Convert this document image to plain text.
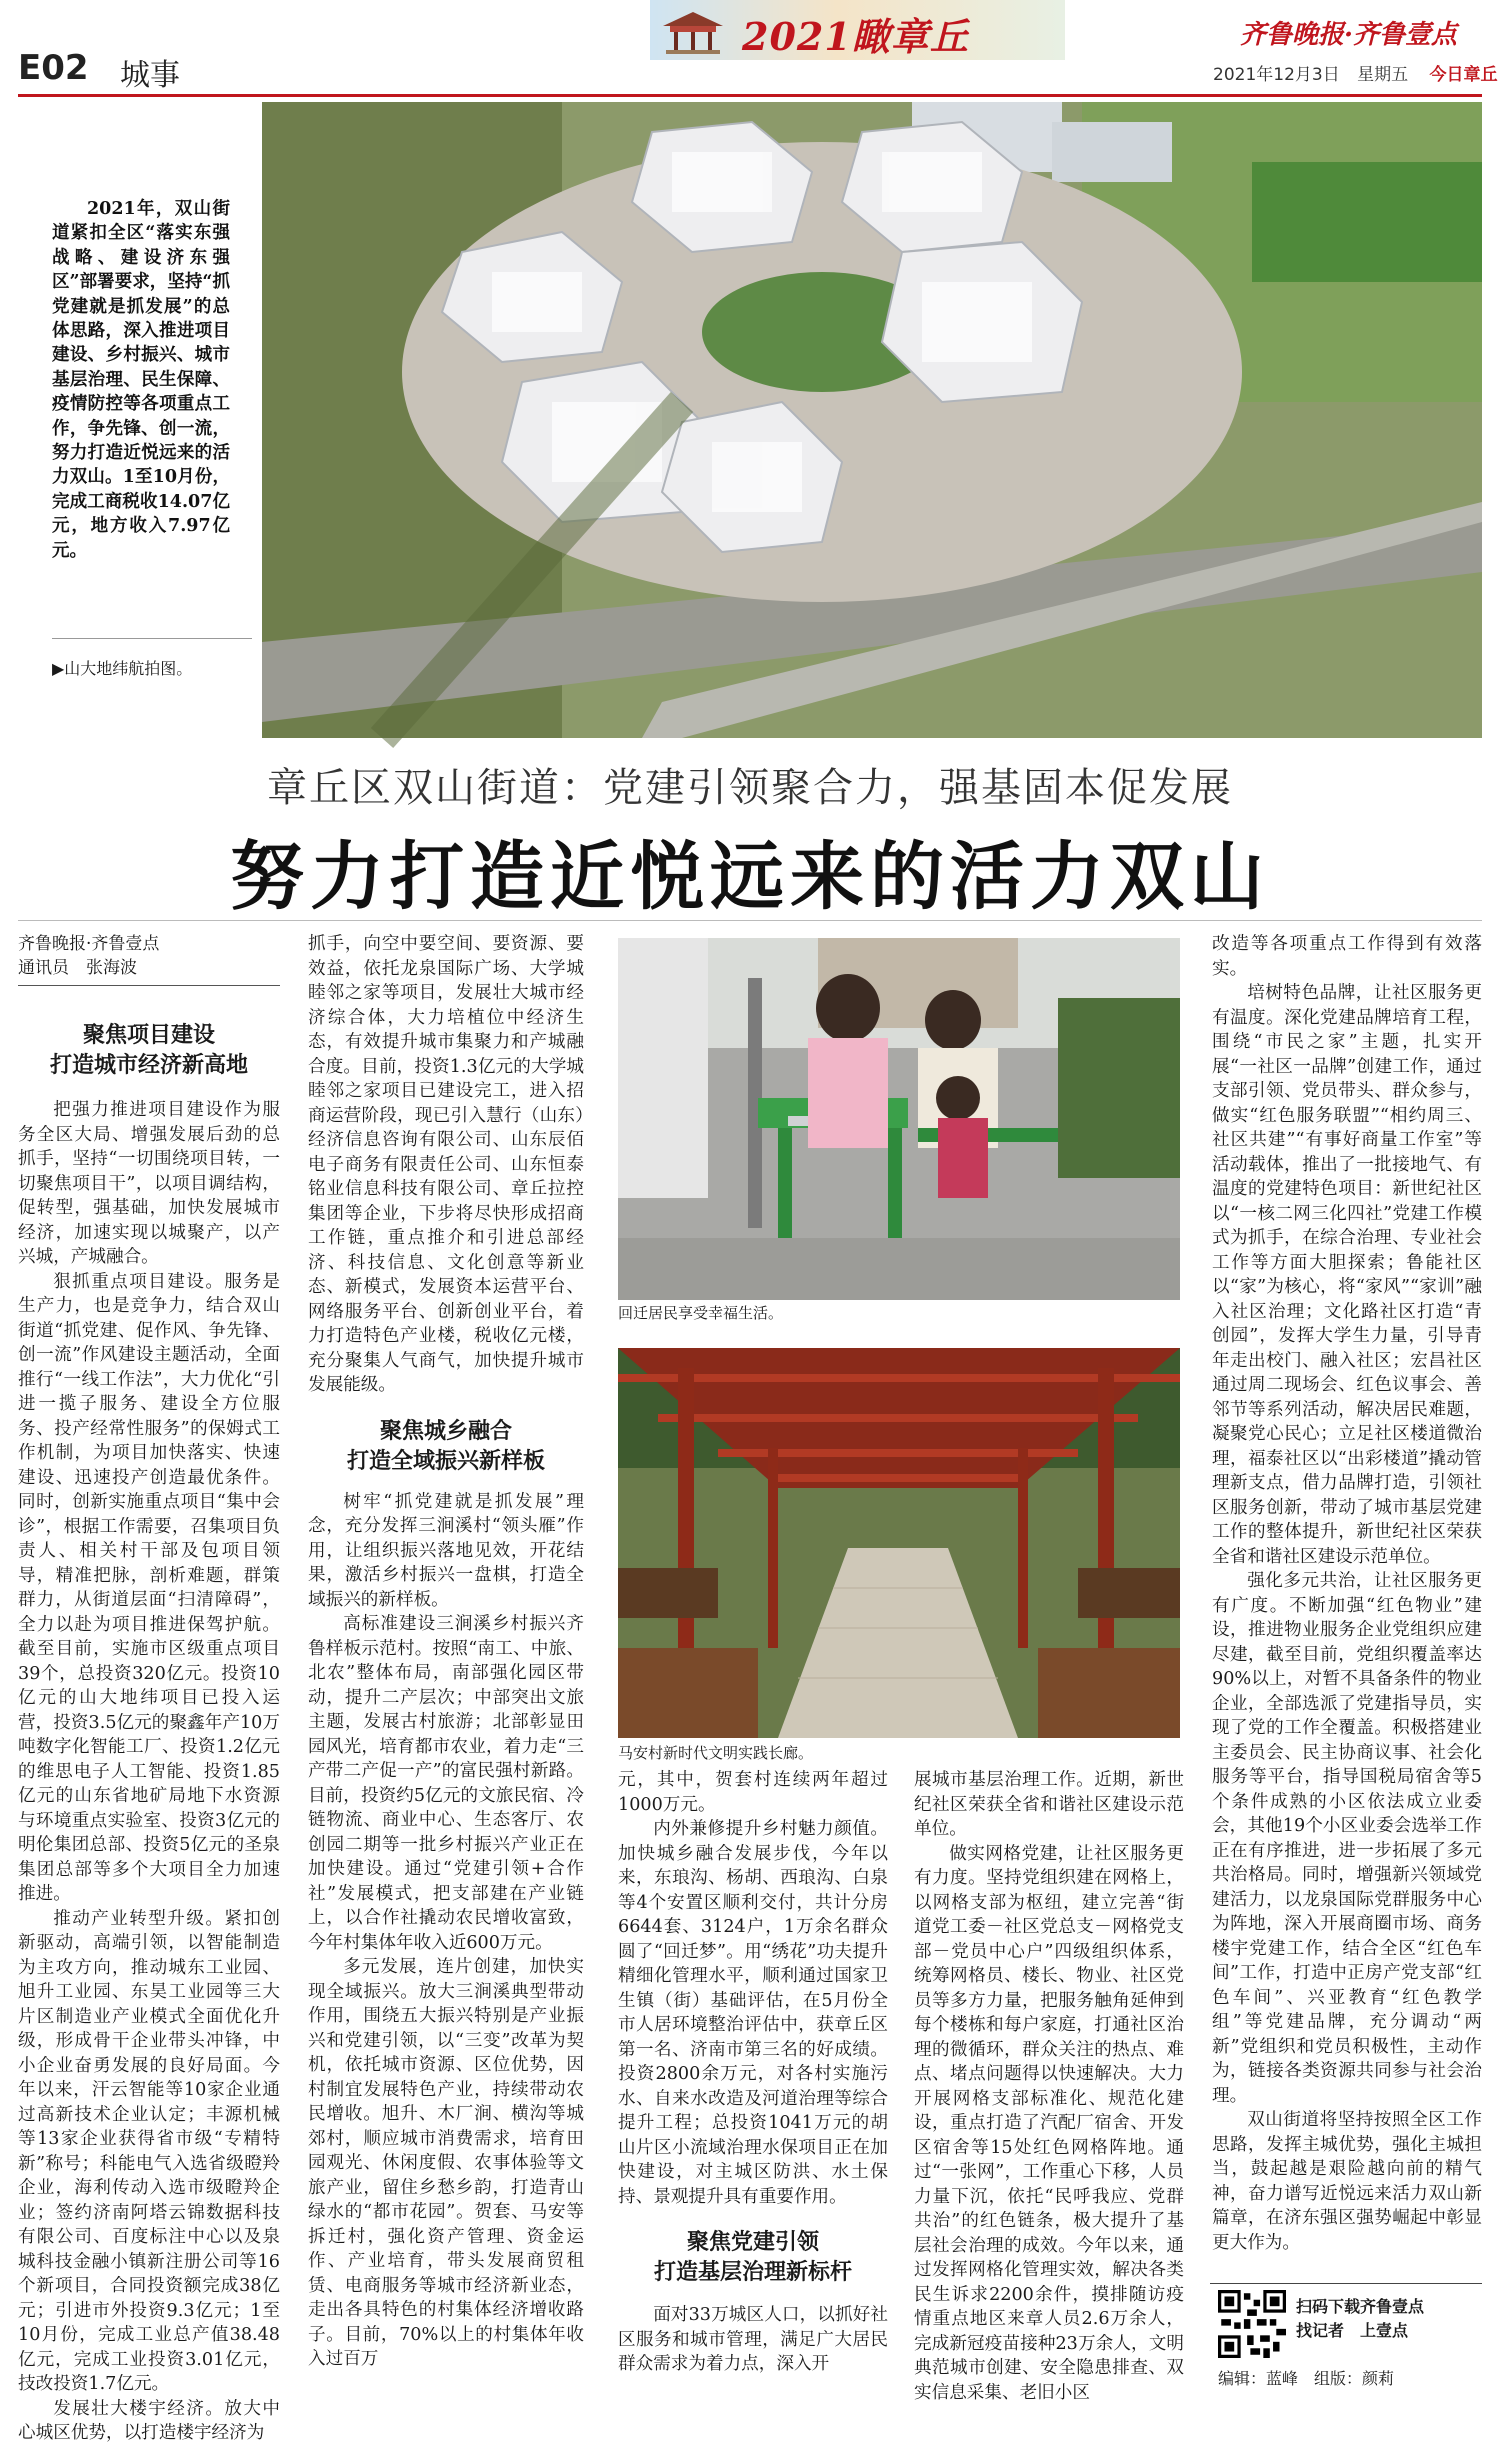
E02 城事
2021瞰章丘	齐鲁晚报·齐鲁壹点
2021年12月3日 星期五 今日章丘
2021年，双山街道紧扣全区“落实东强战略、建设济东强区”部署要求，坚持“抓党建就是抓发展”的总体思路，深入推进项目建设、乡村振兴、城市基层治理、民生保障、疫情防控等各项重点工作，争先锋、创一流，努力打造近悦远来的活力双山。1至10月份，完成工商税收14.07亿元，地方收入7.97亿元。
▶山大地纬航拍图。
章丘区双山街道：党建引领聚合力，强基固本促发展
努力打造近悦远来的活力双山
齐鲁晚报·齐鲁壹点
通讯员　张海波
聚焦项目建设
打造城市经济新高地

把强力推进项目建设作为服务全区大局、增强发展后劲的总抓手，坚持“一切围绕项目转，一切聚焦项目干”，以项目调结构，促转型，强基础，加快发展城市经济，加速实现以城聚产，以产兴城，产城融合。

狠抓重点项目建设。服务是生产力，也是竞争力，结合双山街道“抓党建、促作风、争先锋、创一流”作风建设主题活动，全面推行“一线工作法”，大力优化“引进一揽子服务、建设全方位服务、投产经常性服务”的保姆式工作机制，为项目加快落实、快速建设、迅速投产创造最优条件。同时，创新实施重点项目“集中会诊”，根据工作需要，召集项目负责人、相关村干部及包项目领导，精准把脉，剖析难题，群策群力，从街道层面“扫清障碍”，全力以赴为项目推进保驾护航。截至目前，实施市区级重点项目39个，总投资320亿元。投资10亿元的山大地纬项目已投入运营，投资3.5亿元的聚鑫年产10万吨数字化智能工厂、投资1.2亿元的维思电子人工智能、投资1.85亿元的山东省地矿局地下水资源与环境重点实验室、投资3亿元的明伦集团总部、投资5亿元的圣泉集团总部等多个大项目全力加速推进。

推动产业转型升级。紧扣创新驱动，高端引领，以智能制造为主攻方向，推动城东工业园、旭升工业园、东昊工业园等三大片区制造业产业模式全面优化升级，形成骨干企业带头冲锋，中小企业奋勇发展的良好局面。今年以来，汗云智能等10家企业通过高新技术企业认定；丰源机械等13家企业获得省市级“专精特新”称号；科能电气入选省级瞪羚企业，海利传动入选市级瞪羚企业；签约济南阿塔云锦数据科技有限公司、百度标注中心以及泉城科技金融小镇新注册公司等16个新项目，合同投资额完成38亿元；引进市外投资9.3亿元；1至10月份，完成工业总产值38.48亿元，完成工业投资3.01亿元，技改投资1.7亿元。

发展壮大楼宇经济。放大中心城区优势，以打造楼宇经济为

抓手，向空中要空间、要资源、要效益，依托龙泉国际广场、大学城睦邻之家等项目，发展壮大城市经济综合体，大力培植位中经济生态，有效提升城市集聚力和产城融合度。目前，投资1.3亿元的大学城睦邻之家项目已建设完工，进入招商运营阶段，现已引入慧行（山东）经济信息咨询有限公司、山东辰佰电子商务有限责任公司、山东恒泰铭业信息科技有限公司、章丘拉控集团等企业，下步将尽快形成招商工作链，重点推介和引进总部经济、科技信息、文化创意等新业态、新模式，发展资本运营平台、网络服务平台、创新创业平台，着力打造特色产业楼，税收亿元楼，充分聚集人气商气，加快提升城市发展能级。

聚焦城乡融合
打造全域振兴新样板

树牢“抓党建就是抓发展”理念，充分发挥三涧溪村“领头雁”作用，让组织振兴落地见效，开花结果，激活乡村振兴一盘棋，打造全域振兴的新样板。

高标准建设三涧溪乡村振兴齐鲁样板示范村。按照“南工、中旅、北农”整体布局，南部强化园区带动，提升二产层次；中部突出文旅主题，发展古村旅游；北部彰显田园风光，培育都市农业，着力走“三产带二产促一产”的富民强村新路。目前，投资约5亿元的文旅民宿、冷链物流、商业中心、生态客厅、农创园二期等一批乡村振兴产业正在加快建设。通过“党建引领+合作社”发展模式，把支部建在产业链上，以合作社撬动农民增收富致，今年村集体年收入近600万元。

多元发展，连片创建，加快实现全域振兴。放大三涧溪典型带动作用，围绕五大振兴特别是产业振兴和党建引领，以“三变”改革为契机，依托城市资源、区位优势，因村制宜发展特色产业，持续带动农民增收。旭升、木厂涧、横沟等城郊村，顺应城市消费需求，培育田园观光、休闲度假、农事体验等文旅产业，留住乡愁乡韵，打造青山绿水的“都市花园”。贺套、马安等拆迁村，强化资产管理、资金运作、产业培育，带头发展商贸租赁、电商服务等城市经济新业态，走出各具特色的村集体经济增收路子。目前，70%以上的村集体年收入过百万

回迁居民享受幸福生活。
马安村新时代文明实践长廊。

元，其中，贺套村连续两年超过1000万元。

内外兼修提升乡村魅力颜值。加快城乡融合发展步伐，今年以来，东琅沟、杨胡、西琅沟、白泉等4个安置区顺利交付，共计分房6644套、3124户，1万余名群众圆了“回迁梦”。用“绣花”功夫提升精细化管理水平，顺利通过国家卫生镇（街）基础评估，在5月份全市人居环境整治评估中，获章丘区第一名、济南市第三名的好成绩。投资2800余万元，对各村实施污水、自来水改造及河道治理等综合提升工程；总投资1041万元的胡山片区小流域治理水保项目正在加快建设，对主城区防洪、水土保持、景观提升具有重要作用。

聚焦党建引领
打造基层治理新标杆

面对33万城区人口，以抓好社区服务和城市管理，满足广大居民群众需求为着力点，深入开

展城市基层治理工作。近期，新世纪社区荣获全省和谐社区建设示范单位。

做实网格党建，让社区服务更有力度。坚持党组织建在网格上，以网格支部为枢纽，建立完善“街道党工委－社区党总支－网格党支部－党员中心户”四级组织体系，统筹网格员、楼长、物业、社区党员等多方力量，把服务触角延伸到每个楼栋和每户家庭，打通社区治理的微循环，群众关注的热点、难点、堵点问题得以快速解决。大力开展网格支部标准化、规范化建设，重点打造了汽配厂宿舍、开发区宿舍等15处红色网格阵地。通过“一张网”，工作重心下移，人员力量下沉，依托“民呼我应、党群共治”的红色链条，极大提升了基层社会治理的成效。今年以来，通过发挥网格化管理实效，解决各类民生诉求2200余件，摸排随访疫情重点地区来章人员2.6万余人，完成新冠疫苗接种23万余人，文明典范城市创建、安全隐患排查、双实信息采集、老旧小区

改造等各项重点工作得到有效落实。

培树特色品牌，让社区服务更有温度。深化党建品牌培育工程，围绕“市民之家”主题，扎实开展“一社区一品牌”创建工作，通过支部引领、党员带头、群众参与，做实“红色服务联盟”“相约周三、社区共建”“有事好商量工作室”等活动载体，推出了一批接地气、有温度的党建特色项目：新世纪社区以“一核二网三化四社”党建工作模式为抓手，在综合治理、专业社会工作等方面大胆探索；鲁能社区以“家”为核心，将“家风”“家训”融入社区治理；文化路社区打造“青创园”，发挥大学生力量，引导青年走出校门、融入社区；宏昌社区通过周二现场会、红色议事会、善邻节等系列活动，解决居民难题，凝聚党心民心；立足社区楼道微治理，福泰社区以“出彩楼道”撬动管理新支点，借力品牌打造，引领社区服务创新，带动了城市基层党建工作的整体提升，新世纪社区荣获全省和谐社区建设示范单位。

强化多元共治，让社区服务更有广度。不断加强“红色物业”建设，推进物业服务企业党组织应建尽建，截至目前，党组织覆盖率达90%以上，对暂不具备条件的物业企业，全部选派了党建指导员，实现了党的工作全覆盖。积极搭建业主委员会、民主协商议事、社会化服务等平台，指导国税局宿舍等5个条件成熟的小区依法成立业委会，其他19个小区业委会选举工作正在有序推进，进一步拓展了多元共治格局。同时，增强新兴领域党建活力，以龙泉国际党群服务中心为阵地，深入开展商圈市场、商务楼宇党建工作，结合全区“红色车间”工作，打造中正房产党支部“红色车间”、兴亚教育“红色教学组”等党建品牌，充分调动“两新”党组织和党员积极性，主动作为，链接各类资源共同参与社会治理。

双山街道将坚持按照全区工作思路，发挥主城优势，强化主城担当，鼓起越是艰险越向前的精气神，奋力谱写近悦远来活力双山新篇章，在济东强区强势崛起中彰显更大作为。

扫码下载齐鲁壹点
找记者　上壹点
编辑：蓝峰　组版：颜莉
